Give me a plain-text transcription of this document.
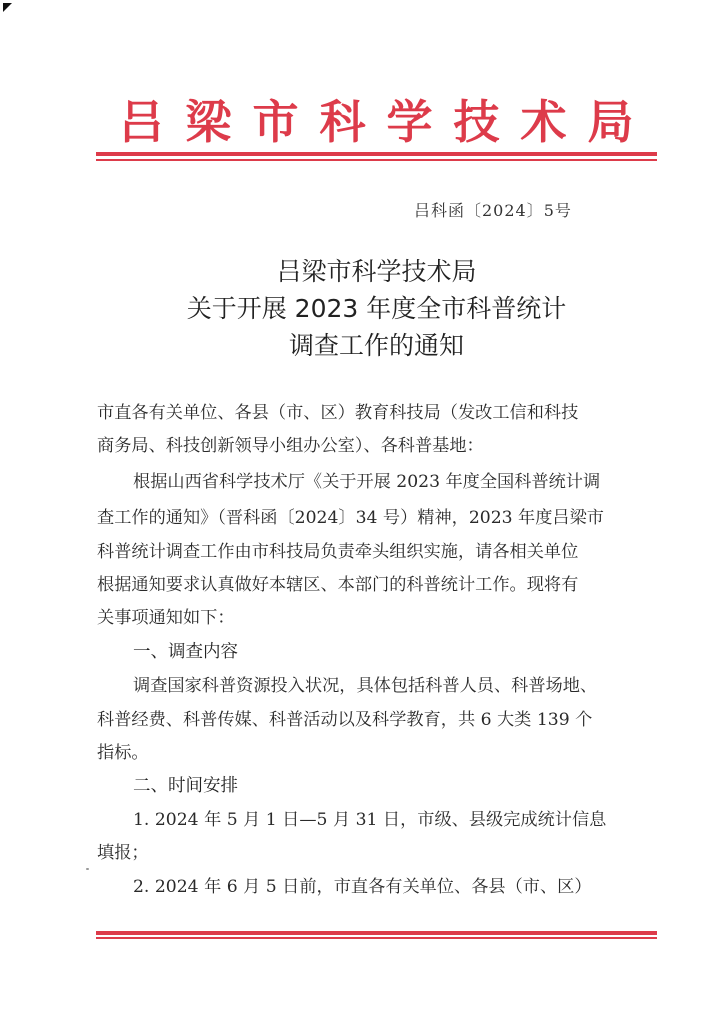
吕梁市科学技术局
吕科函〔2024〕5号
吕梁市科学技术局
关于开展 2023 年度全市科普统计
调查工作的通知
市直各有关单位、各县（市、区）教育科技局（发改工信和科技
商务局、科技创新领导小组办公室）、各科普基地：
根据山西省科学技术厅《关于开展 2023 年度全国科普统计调
查工作的通知》（晋科函〔2024〕34 号）精神，2023 年度吕梁市
科普统计调查工作由市科技局负责牵头组织实施，请各相关单位
根据通知要求认真做好本辖区、本部门的科普统计工作。现将有
关事项通知如下：
一、调查内容
调查国家科普资源投入状况，具体包括科普人员、科普场地、
科普经费、科普传媒、科普活动以及科学教育，共 6 大类 139 个
指标。
二、时间安排
1. 2024 年 5 月 1 日—5 月 31 日，市级、县级完成统计信息
填报；
2. 2024 年 6 月 5 日前，市直各有关单位、各县（市、区）
